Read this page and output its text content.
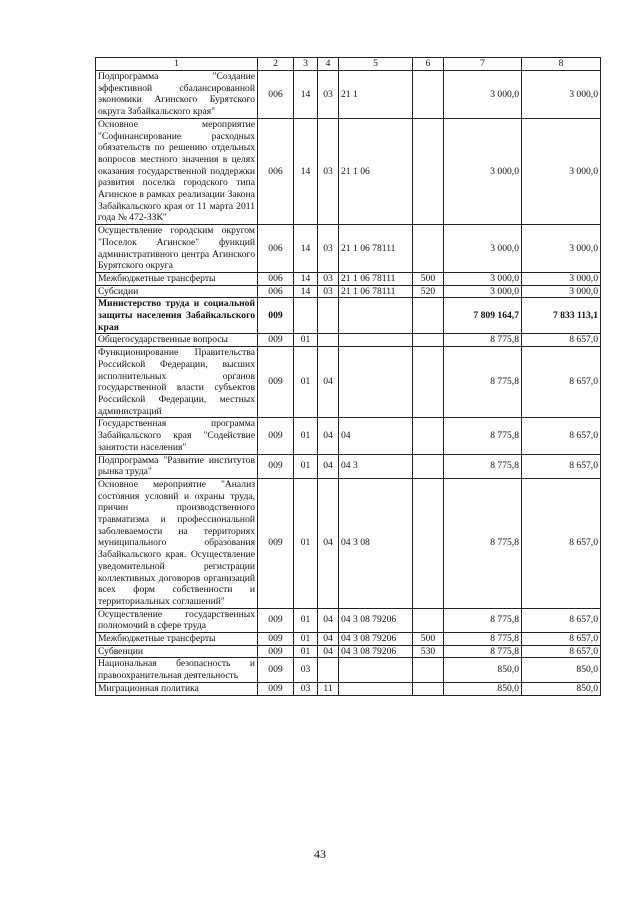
1	2	3	4	5	6	7	8
Подпрограмма "Создание эффективной сбалансированной экономики Агинского Бурятского округа Забайкальского края"	006	14	03	21 1		3 000,0	3 000,0
Основное мероприятие "Софинансирование расходных обязательств по решению отдельных вопросов местного значения в целях оказания государственной поддержки развития поселка городского типа Агинское в рамках реализации Закона Забайкальского края от 11 марта 2011 года № 472-ЗЗК"	006	14	03	21 1 06		3 000,0	3 000,0
Осуществление городским округом "Поселок Агинское" функций административного центра Агинского Бурятского округа	006	14	03	21 1 06 78111		3 000,0	3 000,0
Межбюджетные трансферты	006	14	03	21 1 06 78111	500	3 000,0	3 000,0
Субсидии	006	14	03	21 1 06 78111	520	3 000,0	3 000,0
Министерство труда и социальной защиты населения Забайкальского края	009					7 809 164,7	7 833 113,1
Общегосударственные вопросы	009	01				8 775,8	8 657,0
Функционирование Правительства Российской Федерации, высших исполнительных органов государственной власти субъектов Российской Федерации, местных администраций	009	01	04			8 775,8	8 657,0
Государственная программа Забайкальского края "Содействие занятости населения"	009	01	04	04		8 775,8	8 657,0
Подпрограмма "Развитие институтов рынка труда"	009	01	04	04 3		8 775,8	8 657,0
Основное мероприятие "Анализ состояния условий и охраны труда, причин производственного травматизма и профессиональной заболеваемости на территориях муниципального образования Забайкальского края. Осуществление уведомительной регистрации коллективных договоров организаций всех форм собственности и территориальных соглашений"	009	01	04	04 3 08		8 775,8	8 657,0
Осуществление государственных полномочий в сфере труда	009	01	04	04 3 08 79206		8 775,8	8 657,0
Межбюджетные трансферты	009	01	04	04 3 08 79206	500	8 775,8	8 657,0
Субвенции	009	01	04	04 3 08 79206	530	8 775,8	8 657,0
Национальная безопасность и правоохранительная деятельность	009	03				850,0	850,0
Миграционная политика	009	03	11			850,0	850,0
43
